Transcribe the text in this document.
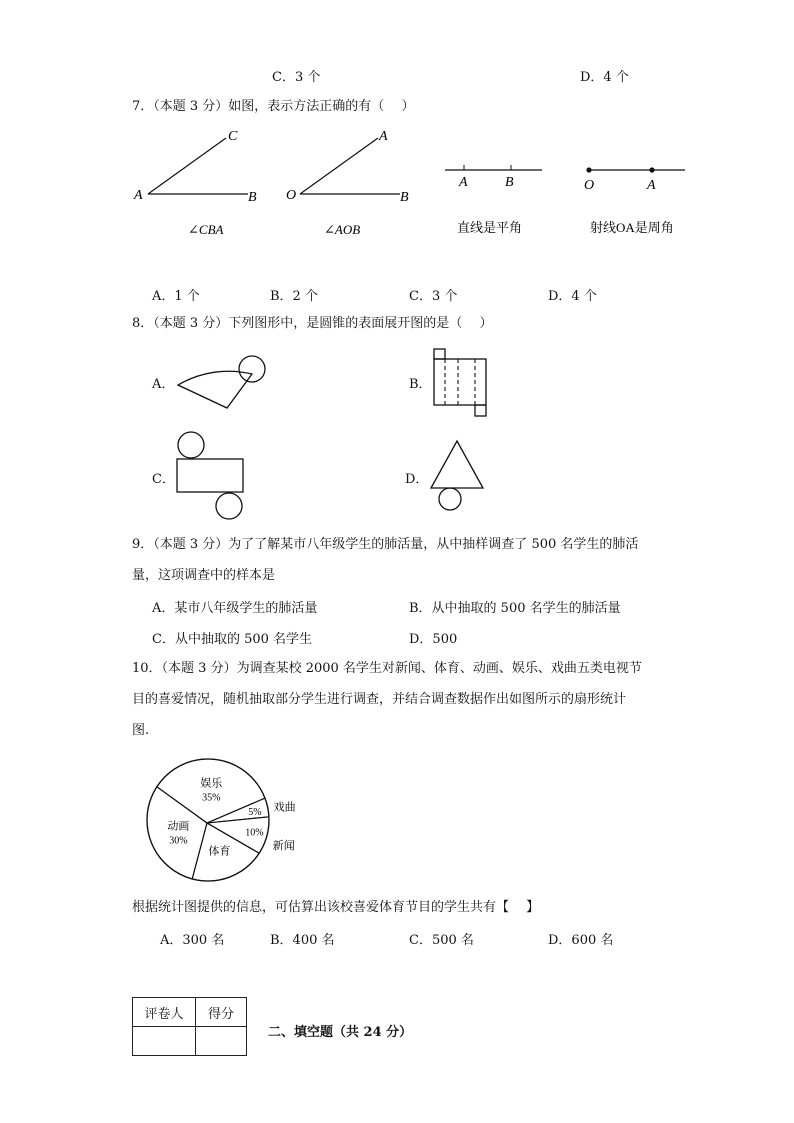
C．3 个	D．4 个
7．（本题 3 分）如图，表示方法正确的有（　 ）
C
A	B
∠CBA
A
O	B
∠AOB
A	B
直线是平角
O	A
射线OA是周角
A．1 个	B．2 个	C．3 个	D．4 个
8．（本题 3 分）下列图形中，是圆锥的表面展开图的是（　 ）
A．	B．
C．	D．
9．（本题 3 分）为了了解某市八年级学生的肺活量，从中抽样调查了 500 名学生的肺活
量，这项调查中的样本是
A．某市八年级学生的肺活量	B．从中抽取的 500 名学生的肺活量
C．从中抽取的 500 名学生	D．500
10．（本题 3 分）为调查某校 2000 名学生对新闻、体育、动画、娱乐、戏曲五类电视节
目的喜爱情况，随机抽取部分学生进行调查，并结合调查数据作出如图所示的扇形统计
图.
娱乐
35%
5% 戏曲
10%
新闻
体育
动画
30%
根据统计图提供的信息，可估算出该校喜爱体育节目的学生共有【　 】
A．300 名	B．400 名	C．500 名	D．600 名
评卷人	得分

二、填空题（共 24 分）
